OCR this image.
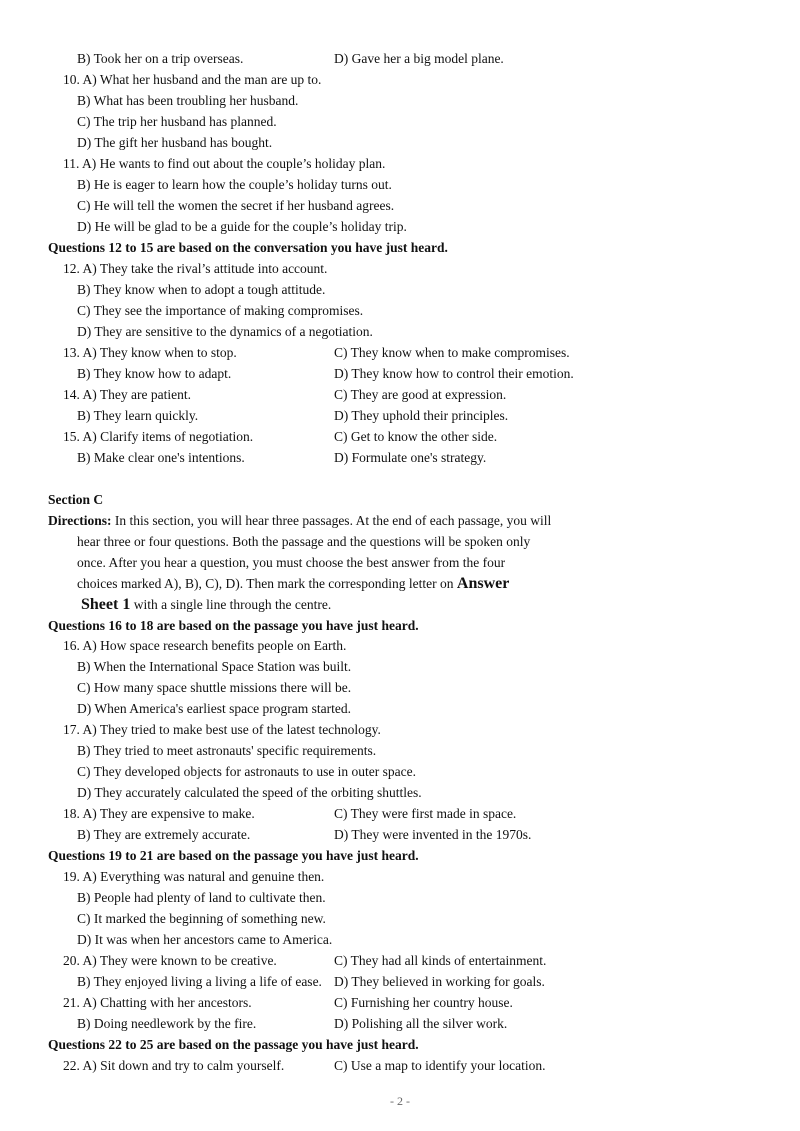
B) Took her on a trip overseas.	D) Gave her a big model plane.
10. A) What her husband and the man are up to.
B) What has been troubling her husband.
C) The trip her husband has planned.
D) The gift her husband has bought.
11. A) He wants to find out about the couple’s holiday plan.
B) He is eager to learn how the couple’s holiday turns out.
C) He will tell the women the secret if her husband agrees.
D) He will be glad to be a guide for the couple’s holiday trip.
Questions 12 to 15 are based on the conversation you have just heard.
12. A) They take the rival’s attitude into account.
B) They know when to adopt a tough attitude.
C) They see the importance of making compromises.
D) They are sensitive to the dynamics of a negotiation.
13. A) They know when to stop.	C) They know when to make compromises.
B) They know how to adapt.	D) They know how to control their emotion.
14. A) They are patient.	C) They are good at expression.
B) They learn quickly.	D) They uphold their principles.
15. A) Clarify items of negotiation.	C) Get to know the other side.
B) Make clear one's intentions.	D) Formulate one's strategy.
Section C
Directions: In this section, you will hear three passages. At the end of each passage, you will
hear three or four questions. Both the passage and the questions will be spoken only
once. After you hear a question, you must choose the best answer from the four
choices marked A), B), C), D). Then mark the corresponding letter on Answer
Sheet 1 with a single line through the centre.
Questions 16 to 18 are based on the passage you have just heard.
16. A) How space research benefits people on Earth.
B) When the International Space Station was built.
C) How many space shuttle missions there will be.
D) When America's earliest space program started.
17. A) They tried to make best use of the latest technology.
B) They tried to meet astronauts' specific requirements.
C) They developed objects for astronauts to use in outer space.
D) They accurately calculated the speed of the orbiting shuttles.
18. A) They are expensive to make.	C) They were first made in space.
B) They are extremely accurate.	D) They were invented in the 1970s.
Questions 19 to 21 are based on the passage you have just heard.
19. A) Everything was natural and genuine then.
B) People had plenty of land to cultivate then.
C) It marked the beginning of something new.
D) It was when her ancestors came to America.
20. A) They were known to be creative.	C) They had all kinds of entertainment.
B) They enjoyed living a living a life of ease. D) They believed in working for goals.
21. A) Chatting with her ancestors.	C) Furnishing her country house.
B) Doing needlework by the fire.	D) Polishing all the silver work.
Questions 22 to 25 are based on the passage you have just heard.
22. A) Sit down and try to calm yourself.	C) Use a map to identify your location.
- 2 -
